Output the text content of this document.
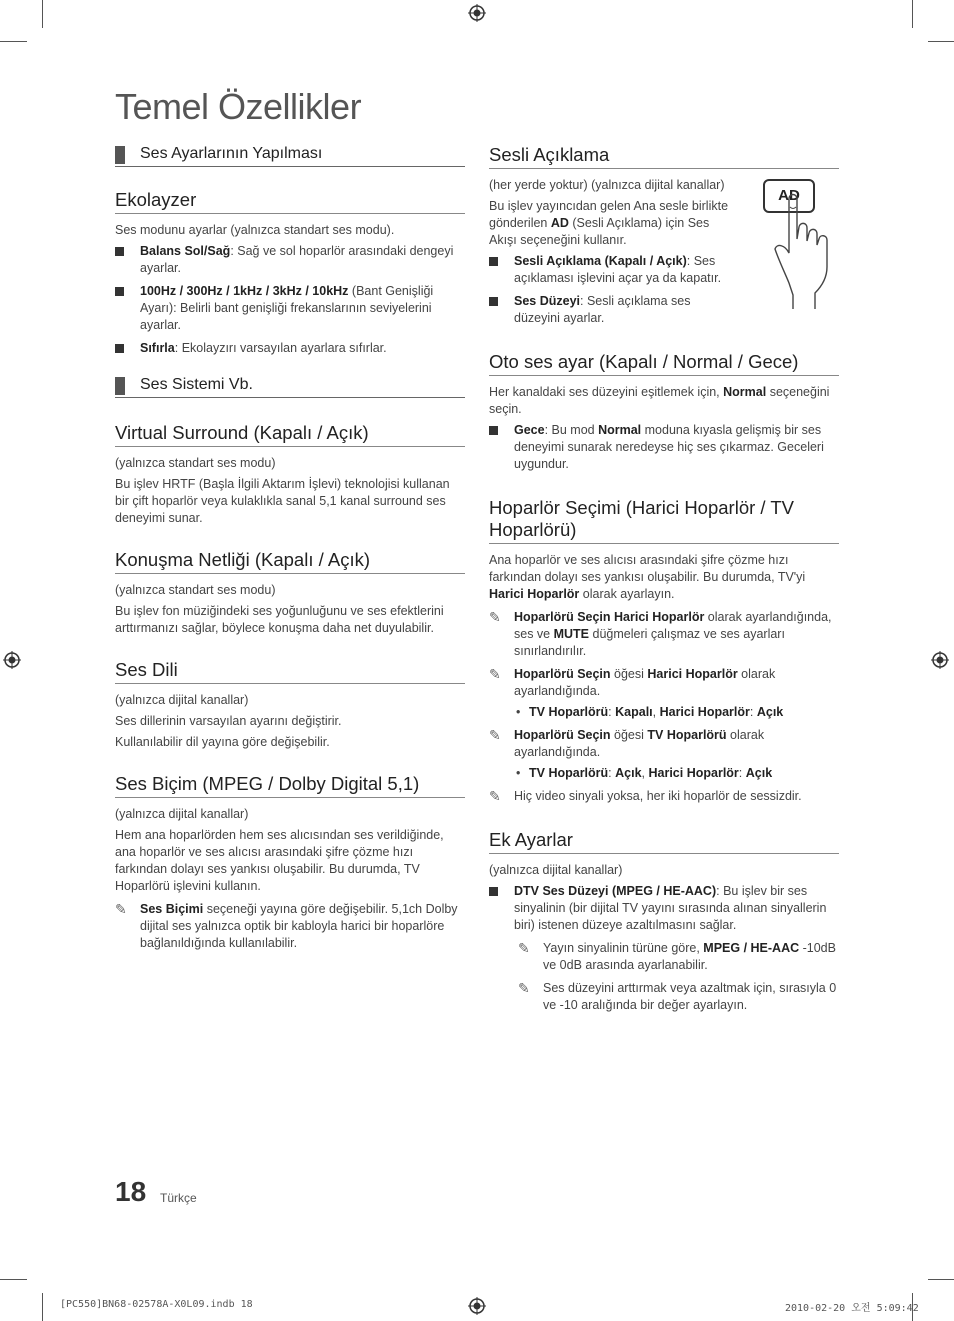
Temel Özellikler
Ses Ayarlarının Yapılması
Ekolayzer

Ses modunu ayarlar (yalnızca standart ses modu).

Balans Sol/Sağ: Sağ ve sol hoparlör arasındaki dengeyi ayarlar.
100Hz / 300Hz / 1kHz / 3kHz / 10kHz (Bant Genişliği Ayarı): Belirli bant genişliği frekanslarının seviyelerini ayarlar.
Sıfırla: Ekolayzırı varsayılan ayarlara sıfırlar.
Ses Sistemi Vb.
Virtual Surround (Kapalı / Açık)

(yalnızca standart ses modu)

Bu işlev HRTF (Başla İlgili Aktarım İşlevi) teknolojisi kullanan bir çift hoparlör veya kulaklıkla sanal 5,1 kanal surround ses deneyimi sunar.

Konuşma Netliği (Kapalı / Açık)

(yalnızca standart ses modu)

Bu işlev fon müziğindeki ses yoğunluğunu ve ses efektlerini arttırmanızı sağlar, böylece konuşma daha net duyulabilir.

Ses Dili

(yalnızca dijital kanallar)

Ses dillerinin varsayılan ayarını değiştirir.

Kullanılabilir dil yayına göre değişebilir.

Ses Biçim (MPEG / Dolby Digital 5,1)

(yalnızca dijital kanallar)

Hem ana hoparlörden hem ses alıcısından ses verildiğinde, ana hoparlör ve ses alıcısı arasındaki şifre çözme hızı farkından dolayı ses yankısı oluşabilir. Bu durumda, TV Hoparlörü işlevini kullanın.

✎ Ses Biçimi seçeneği yayına göre değişebilir. 5,1ch Dolby dijital ses yalnızca optik bir kabloyla harici bir hoparlöre bağlanıldığında kullanılabilir.
Sesli Açıklama

(her yerde yoktur) (yalnızca dijital kanallar)

Bu işlev yayıncıdan gelen Ana sesle birlikte gönderilen AD (Sesli Açıklama) için Ses Akışı seçeneğini kullanır.

Sesli Açıklama (Kapalı / Açık): Ses açıklaması işlevini açar ya da kapatır.
Ses Düzeyi: Sesli açıklama ses düzeyini ayarlar.
AD
Oto ses ayar (Kapalı / Normal / Gece)

Her kanaldaki ses düzeyini eşitlemek için, Normal seçeneğini seçin.

Gece: Bu mod Normal moduna kıyasla gelişmiş bir ses deneyimi sunarak neredeyse hiç ses çıkarmaz. Geceleri uygundur.
Hoparlör Seçimi (Harici Hoparlör / TV Hoparlörü)

Ana hoparlör ve ses alıcısı arasındaki şifre çözme hızı farkından dolayı ses yankısı oluşabilir. Bu durumda, TV'yi Harici Hoparlör olarak ayarlayın.

✎ Hoparlörü Seçin Harici Hoparlör olarak ayarlandığında, ses ve MUTE düğmeleri çalışmaz ve ses ayarları sınırlandırılır.
✎ Hoparlörü Seçin öğesi Harici Hoparlör olarak ayarlandığında.
• TV Hoparlörü: Kapalı, Harici Hoparlör: Açık
✎ Hoparlörü Seçin öğesi TV Hoparlörü olarak ayarlandığında.
• TV Hoparlörü: Açık, Harici Hoparlör: Açık
✎ Hiç video sinyali yoksa, her iki hoparlör de sessizdir.
Ek Ayarlar

(yalnızca dijital kanallar)

DTV Ses Düzeyi (MPEG / HE-AAC): Bu işlev bir ses sinyalinin (bir dijital TV yayını sırasında alınan sinyallerin biri) istenen düzeye azaltılmasını sağlar.
✎ Yayın sinyalinin türüne göre, MPEG / HE-AAC -10dB ve 0dB arasında ayarlanabilir.
✎ Ses düzeyini arttırmak veya azaltmak için, sırasıyla 0 ve -10 aralığında bir değer ayarlayın.
18 Türkçe
[PC550]BN68-02578A-X0L09.indb 18	2010-02-20 오전 5:09:42
